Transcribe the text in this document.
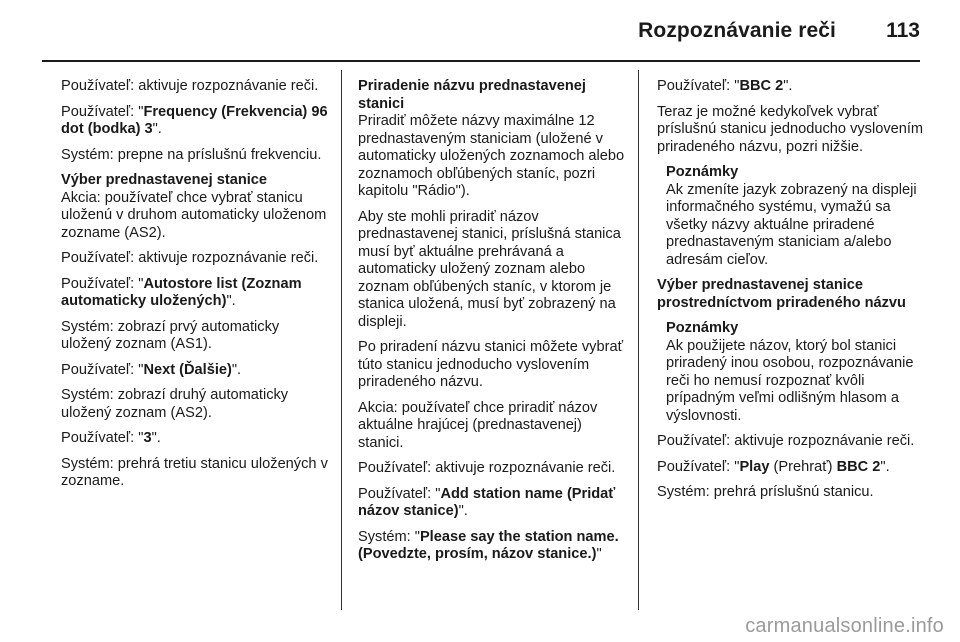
Rozpoznávanie reči 113

Používateľ: aktivuje rozpoznávanie reči.

Používateľ: "Frequency (Frekvencia) 96 dot (bodka) 3".

Systém: prepne na príslušnú frekvenciu.

Výber prednastavenej stanice

Akcia: používateľ chce vybrať stanicu uloženú v druhom automaticky uloženom zozname (AS2).

Používateľ: aktivuje rozpoznávanie reči.

Používateľ: "Autostore list (Zoznam automaticky uložených)".

Systém: zobrazí prvý automaticky uložený zoznam (AS1).

Používateľ: "Next (Ďalšie)".

Systém: zobrazí druhý automaticky uložený zoznam (AS2).

Používateľ: "3".

Systém: prehrá tretiu stanicu uložených v zozname.

Priradenie názvu prednastavenej stanici

Priradiť môžete názvy maximálne 12 prednastaveným staniciam (uložené v automaticky uložených zoznamoch alebo zoznamoch obľúbených staníc, pozri kapitolu "Rádio").

Aby ste mohli priradiť názov prednastavenej stanici, príslušná stanica musí byť aktuálne prehrávaná a automaticky uložený zoznam alebo zoznam obľúbených staníc, v ktorom je stanica uložená, musí byť zobrazený na displeji.

Po priradení názvu stanici môžete vybrať túto stanicu jednoducho vyslovením priradeného názvu.

Akcia: používateľ chce priradiť názov aktuálne hrajúcej (prednastavenej) stanici.

Používateľ: aktivuje rozpoznávanie reči.

Používateľ: "Add station name (Pridať názov stanice)".

Systém: "Please say the station name. (Povedzte, prosím, názov stanice.)"

Používateľ: "BBC 2".

Teraz je možné kedykoľvek vybrať príslušnú stanicu jednoducho vyslovením priradeného názvu, pozri nižšie.

Poznámky

Ak zmeníte jazyk zobrazený na displeji informačného systému, vymažú sa všetky názvy aktuálne priradené prednastaveným staniciam a/alebo adresám cieľov.

Výber prednastavenej stanice prostredníctvom priradeného názvu

Poznámky

Ak použijete názov, ktorý bol stanici priradený inou osobou, rozpoznávanie reči ho nemusí rozpoznať kvôli prípadným veľmi odlišným hlasom a výslovnosti.

Používateľ: aktivuje rozpoznávanie reči.

Používateľ: "Play (Prehrať) BBC 2".

Systém: prehrá príslušnú stanicu.

carmanualsonline.info
